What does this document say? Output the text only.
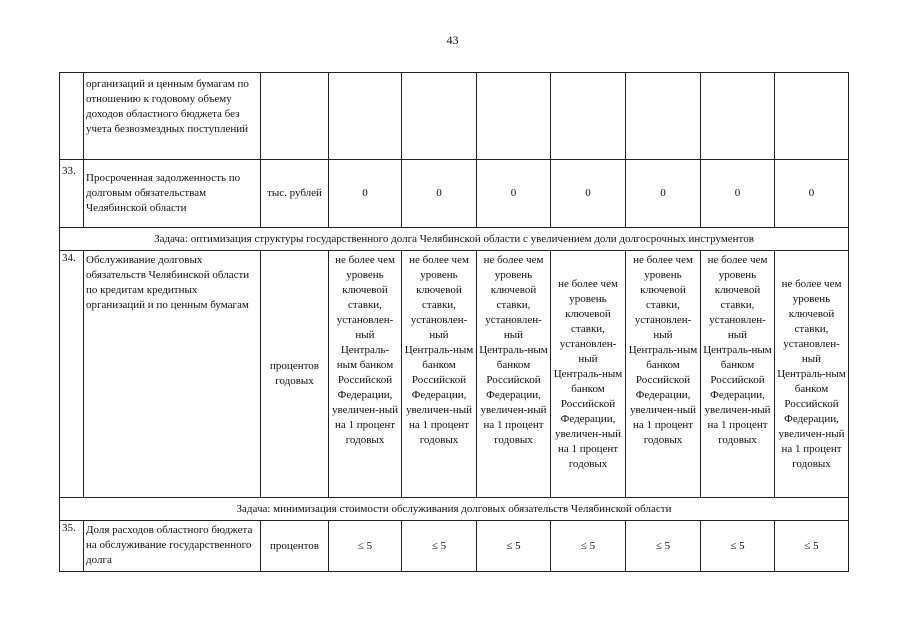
43
	организаций и ценным бумагам по отношению к годовому объему доходов областного бюджета без учета безвозмездных поступлений								
33.	Просроченная задолженность по долговым обязательствам Челябинской области	тыс. рублей	0	0	0	0	0	0	0
Задача: оптимизация структуры государственного долга Челябинской области с увеличением доли долгосрочных инструментов									
34.	Обслуживание долговых обязательств Челябинской области по кредитам кредитных организаций и по ценным бумагам	процентов годовых	не более чем уровень ключевой ставки, установлен-ный Централь-ным банком Российской Федерации, увеличен-ный на 1 процент годовых	не более чем уровень ключевой ставки, установлен-ный Централь-ным банком Российской Федерации, увеличен-ный на 1 процент годовых	не более чем уровень ключевой ставки, установлен-ный Централь-ным банком Российской Федерации, увеличен-ный на 1 процент годовых	не более чем уровень ключевой ставки, установлен-ный Централь-ным банком Российской Федерации, увеличен-ный на 1 процент годовых	не более чем уровень ключевой ставки, установлен-ный Централь-ным банком Российской Федерации, увеличен-ный на 1 процент годовых	не более чем уровень ключевой ставки, установлен-ный Централь-ным банком Российской Федерации, увеличен-ный на 1 процент годовых	не более чем уровень ключевой ставки, установлен-ный Централь-ным банком Российской Федерации, увеличен-ный на 1 процент годовых
Задача: минимизация стоимости обслуживания долговых обязательств Челябинской области									
35.	Доля расходов областного бюджета на обслуживание государственного долга	процентов	≤ 5	≤ 5	≤ 5	≤ 5	≤ 5	≤ 5	≤ 5
